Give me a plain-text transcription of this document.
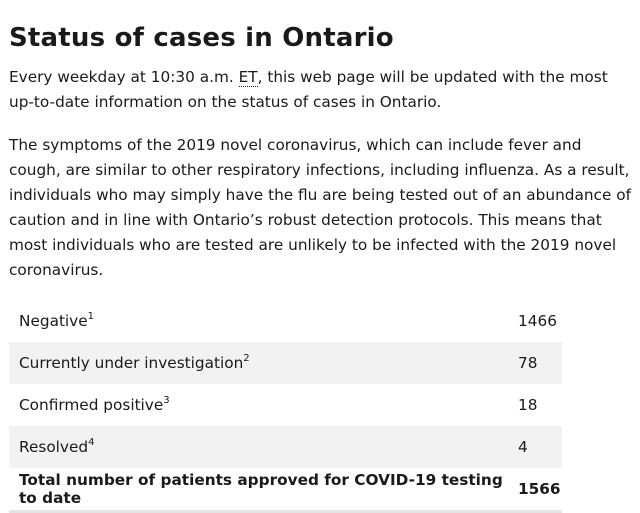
Status of cases in Ontario

Every weekday at 10:30 a.m. ET, this web page will be updated with the most up-to-date information on the status of cases in Ontario.

The symptoms of the 2019 novel coronavirus, which can include fever and cough, are similar to other respiratory infections, including influenza. As a result, individuals who may simply have the flu are being tested out of an abundance of caution and in line with Ontario’s robust detection protocols. This means that most individuals who are tested are unlikely to be infected with the 2019 novel coronavirus.

Negative$^1$	1466
Currently under investigation$^2$	78
Confirmed positive$^3$	18
Resolved$^4$	4
Total number of patients approved for COVID-19 testing to date	1566
